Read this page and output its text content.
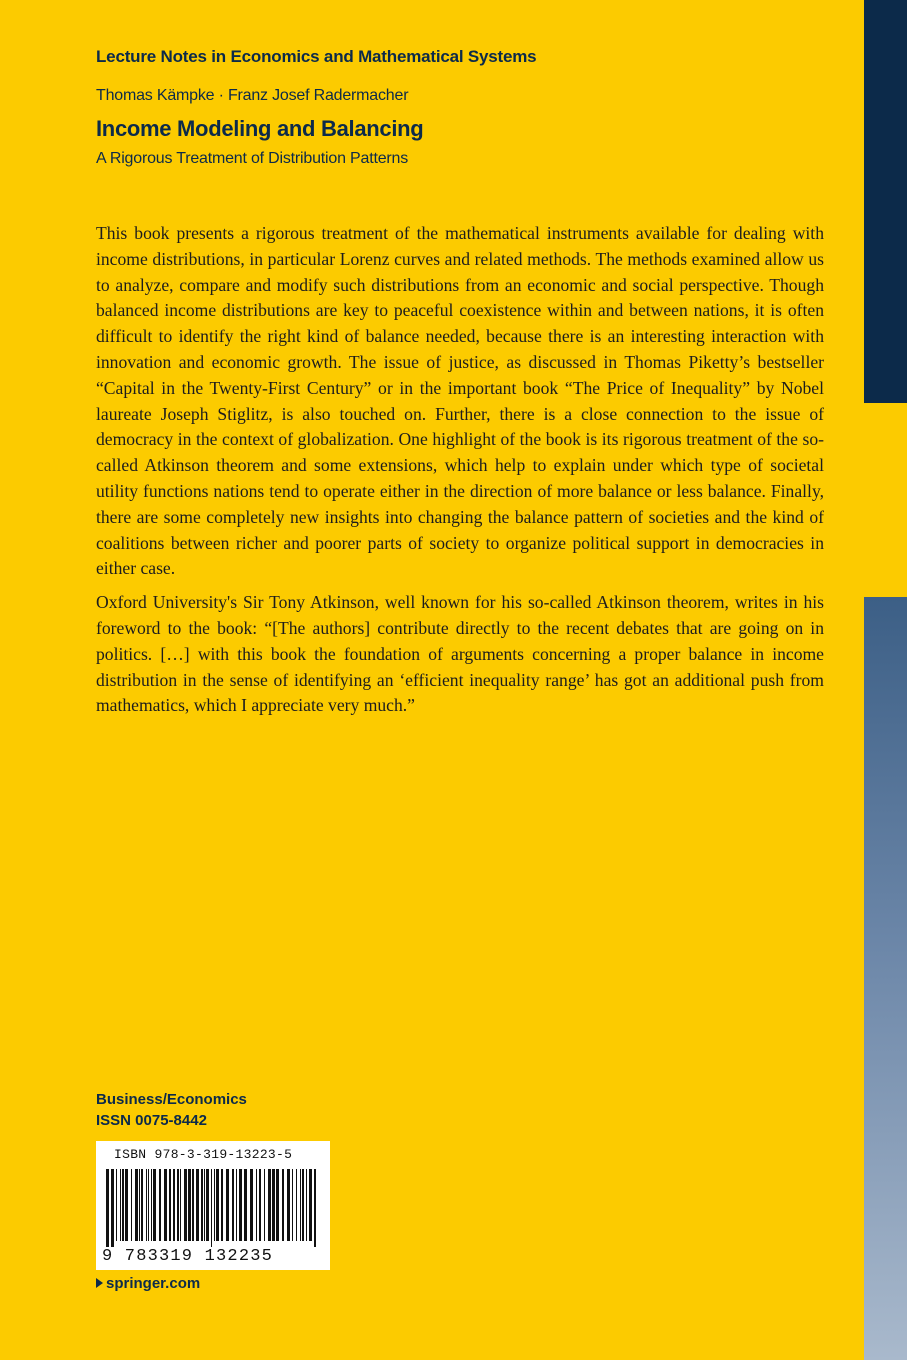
Lecture Notes in Economics and Mathematical Systems
Thomas Kämpke · Franz Josef Radermacher
Income Modeling and Balancing
A Rigorous Treatment of Distribution Patterns

This book presents a rigorous treatment of the mathematical instruments available for dealing with income distributions, in particular Lorenz curves and related methods. The methods examined allow us to analyze, compare and modify such distributions from an economic and social perspective. Though balanced income distributions are key to peaceful coexistence within and between nations, it is often difficult to identify the right kind of balance needed, because there is an interesting interaction with innovation and economic growth. The issue of justice, as discussed in Thomas Piketty’s bestseller “Capital in the Twenty-First Century” or in the important book “The Price of Inequality” by Nobel laureate Joseph Stiglitz, is also touched on. Further, there is a close connection to the issue of democracy in the context of globalization. One highlight of the book is its rigorous treatment of the so-called Atkinson theorem and some extensions, which help to explain under which type of societal utility functions nations tend to operate either in the direction of more balance or less balance. Finally, there are some completely new insights into changing the balance pattern of societies and the kind of coalitions between richer and poorer parts of society to organize political support in democracies in either case.

Oxford University's Sir Tony Atkinson, well known for his so-called Atkinson theorem, writes in his foreword to the book: “[The authors] contribute directly to the recent debates that are going on in politics. […] with this book the foundation of arguments concerning a proper balance in income distribution in the sense of identifying an ‘efficient inequality range’ has got an additional push from mathematics, which I appreciate very much.”

Business/Economics
ISSN 0075-8442
ISBN 978-3-319-13223-5
9 783319 132235
springer.com
